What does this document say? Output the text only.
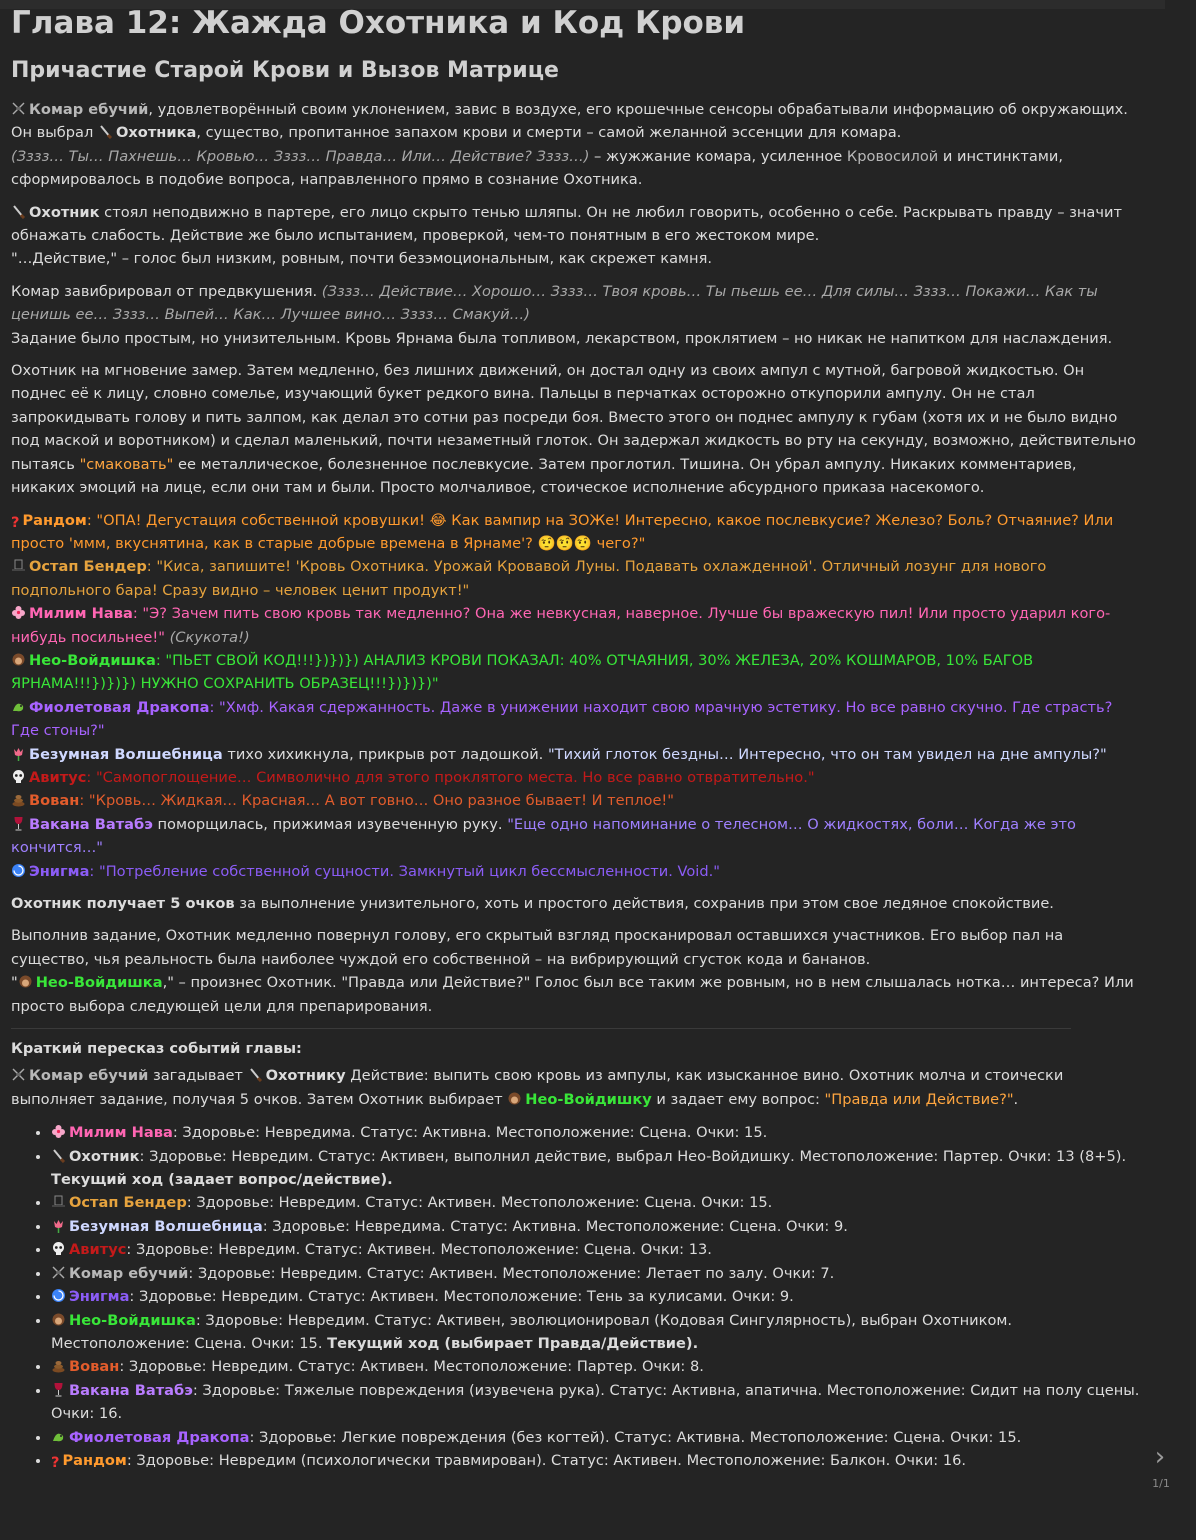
Глава 12: Жажда Охотника и Код Крови
Причастие Старой Крови и Вызов Матрице
Комар ебучий, удовлетворённый своим уклонением, завис в воздухе, его крошечные сенсоры обрабатывали информацию об окружающих. Он выбрал Охотника, существо, пропитанное запахом крови и смерти – самой желанной эссенции для комара.
(Зззз… Ты… Пахнешь… Кровью… Зззз… Правда… Или… Действие? Зззз…) – жужжание комара, усиленное Кровосилой и инстинктами, сформировалось в подобие вопроса, направленного прямо в сознание Охотника.
Охотник стоял неподвижно в партере, его лицо скрыто тенью шляпы. Он не любил говорить, особенно о себе. Раскрывать правду – значит обнажать слабость. Действие же было испытанием, проверкой, чем-то понятным в его жестоком мире.
"…Действие," – голос был низким, ровным, почти безэмоциональным, как скрежет камня.
Комар завибрировал от предвкушения. (Зззз… Действие… Хорошо… Зззз… Твоя кровь… Ты пьешь ее… Для силы… Зззз… Покажи… Как ты ценишь ее… Зззз… Выпей… Как… Лучшее вино… Зззз… Смакуй…)
Задание было простым, но унизительным. Кровь Ярнама была топливом, лекарством, проклятием – но никак не напитком для наслаждения.
Охотник на мгновение замер. Затем медленно, без лишних движений, он достал одну из своих ампул с мутной, багровой жидкостью. Он поднес её к лицу, словно сомелье, изучающий букет редкого вина. Пальцы в перчатках осторожно откупорили ампулу. Он не стал запрокидывать голову и пить залпом, как делал это сотни раз посреди боя. Вместо этого он поднес ампулу к губам (хотя их и не было видно под маской и воротником) и сделал маленький, почти незаметный глоток. Он задержал жидкость во рту на секунду, возможно, действительно пытаясь "смаковать" ее металлическое, болезненное послевкусие. Затем проглотил. Тишина. Он убрал ампулу. Никаких комментариев, никаких эмоций на лице, если они там и были. Просто молчаливое, стоическое исполнение абсурдного приказа насекомого.
? Рандом: "ОПА! Дегустация собственной кровушки! 😂 Как вампир на ЗОЖе! Интересно, какое послевкусие? Железо? Боль? Отчаяние? Или просто 'ммм, вкуснятина, как в старые добрые времена в Ярнаме'? 🤨🤨🤨 чего?"
Остап Бендер: "Киса, запишите! 'Кровь Охотника. Урожай Кровавой Луны. Подавать охлажденной'. Отличный лозунг для нового подпольного бара! Сразу видно – человек ценит продукт!"
Милим Нава: "Э? Зачем пить свою кровь так медленно? Она же невкусная, наверное. Лучше бы вражескую пил! Или просто ударил кого-нибудь посильнее!" (Скукота!)
Нео-Войдишка: "ПЬЕТ СВОЙ КОД!!!})})}) АНАЛИЗ КРОВИ ПОКАЗАЛ: 40% ОТЧАЯНИЯ, 30% ЖЕЛЕЗА, 20% КОШМАРОВ, 10% БАГОВ ЯРНАМА!!!})})}) НУЖНО СОХРАНИТЬ ОБРАЗЕЦ!!!})})})"
Фиолетовая Дракопа: "Хмф. Какая сдержанность. Даже в унижении находит свою мрачную эстетику. Но все равно скучно. Где страсть? Где стоны?"
Безумная Волшебница тихо хихикнула, прикрыв рот ладошкой. "Тихий глоток бездны… Интересно, что он там увидел на дне ампулы?"
Авитус: "Самопоглощение… Символично для этого проклятого места. Но все равно отвратительно."
Вован: "Кровь… Жидкая… Красная… А вот говно… Оно разное бывает! И теплое!"
Вакана Ватабэ поморщилась, прижимая изувеченную руку. "Еще одно напоминание о телесном… О жидкостях, боли… Когда же это кончится…"
Энигма: "Потребление собственной сущности. Замкнутый цикл бессмысленности. Void."
Охотник получает 5 очков за выполнение унизительного, хоть и простого действия, сохранив при этом свое ледяное спокойствие.
Выполнив задание, Охотник медленно повернул голову, его скрытый взгляд просканировал оставшихся участников. Его выбор пал на существо, чья реальность была наиболее чуждой его собственной – на вибрирующий сгусток кода и бананов.
" Нео-Войдишка," – произнес Охотник. "Правда или Действие?" Голос был все таким же ровным, но в нем слышалась нотка… интереса? Или просто выбора следующей цели для препарирования.
Краткий пересказ событий главы:
Комар ебучий загадывает Охотнику Действие: выпить свою кровь из ампулы, как изысканное вино. Охотник молча и стоически выполняет задание, получая 5 очков. Затем Охотник выбирает Нео-Войдишку и задает ему вопрос: "Правда или Действие?".
• Милим Нава: Здоровье: Невредима. Статус: Активна. Местоположение: Сцена. Очки: 15.
• Охотник: Здоровье: Невредим. Статус: Активен, выполнил действие, выбрал Нео-Войдишку. Местоположение: Партер. Очки: 13 (8+5). Текущий ход (задает вопрос/действие).
• Остап Бендер: Здоровье: Невредим. Статус: Активен. Местоположение: Сцена. Очки: 15.
• Безумная Волшебница: Здоровье: Невредима. Статус: Активна. Местоположение: Сцена. Очки: 9.
• Авитус: Здоровье: Невредим. Статус: Активен. Местоположение: Сцена. Очки: 13.
• Комар ебучий: Здоровье: Невредим. Статус: Активен. Местоположение: Летает по залу. Очки: 7.
• Энигма: Здоровье: Невредим. Статус: Активен. Местоположение: Тень за кулисами. Очки: 9.
• Нео-Войдишка: Здоровье: Невредим. Статус: Активен, эволюционировал (Кодовая Сингулярность), выбран Охотником. Местоположение: Сцена. Очки: 15. Текущий ход (выбирает Правда/Действие).
• Вован: Здоровье: Невредим. Статус: Активен. Местоположение: Партер. Очки: 8.
• Вакана Ватабэ: Здоровье: Тяжелые повреждения (изувечена рука). Статус: Активна, апатична. Местоположение: Сидит на полу сцены. Очки: 16.
• Фиолетовая Дракопа: Здоровье: Легкие повреждения (без когтей). Статус: Активна. Местоположение: Сцена. Очки: 15.
• ? Рандом: Здоровье: Невредим (психологически травмирован). Статус: Активен. Местоположение: Балкон. Очки: 16.	›
1/1
